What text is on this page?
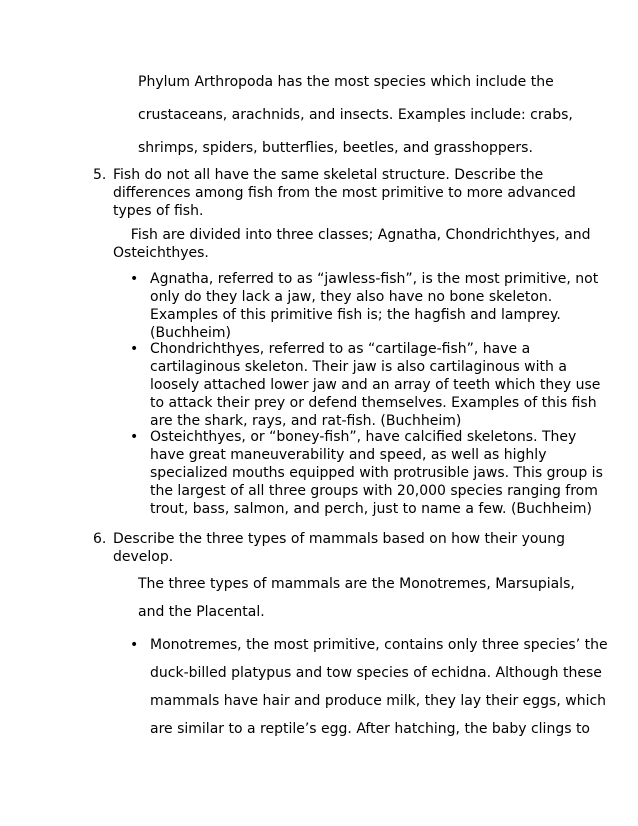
Phylum Arthropoda has the most species which include the
crustaceans, arachnids, and insects. Examples include: crabs,
shrimps, spiders, butterflies, beetles, and grasshoppers.
5. Fish do not all have the same skeletal structure. Describe the
differences among fish from the most primitive to more advanced
types of fish.
Fish are divided into three classes; Agnatha, Chondrichthyes, and
Osteichthyes.
• Agnatha, referred to as “jawless-fish”, is the most primitive, not
only do they lack a jaw, they also have no bone skeleton.
Examples of this primitive fish is; the hagfish and lamprey.
(Buchheim)
• Chondrichthyes, referred to as “cartilage-fish”, have a
cartilaginous skeleton. Their jaw is also cartilaginous with a
loosely attached lower jaw and an array of teeth which they use
to attack their prey or defend themselves. Examples of this fish
are the shark, rays, and rat-fish. (Buchheim)
• Osteichthyes, or “boney-fish”, have calcified skeletons. They
have great maneuverability and speed, as well as highly
specialized mouths equipped with protrusible jaws. This group is
the largest of all three groups with 20,000 species ranging from
trout, bass, salmon, and perch, just to name a few. (Buchheim)
6. Describe the three types of mammals based on how their young
develop.
The three types of mammals are the Monotremes, Marsupials,
and the Placental.
• Monotremes, the most primitive, contains only three species’ the
duck-billed platypus and tow species of echidna. Although these
mammals have hair and produce milk, they lay their eggs, which
are similar to a reptile’s egg. After hatching, the baby clings to
